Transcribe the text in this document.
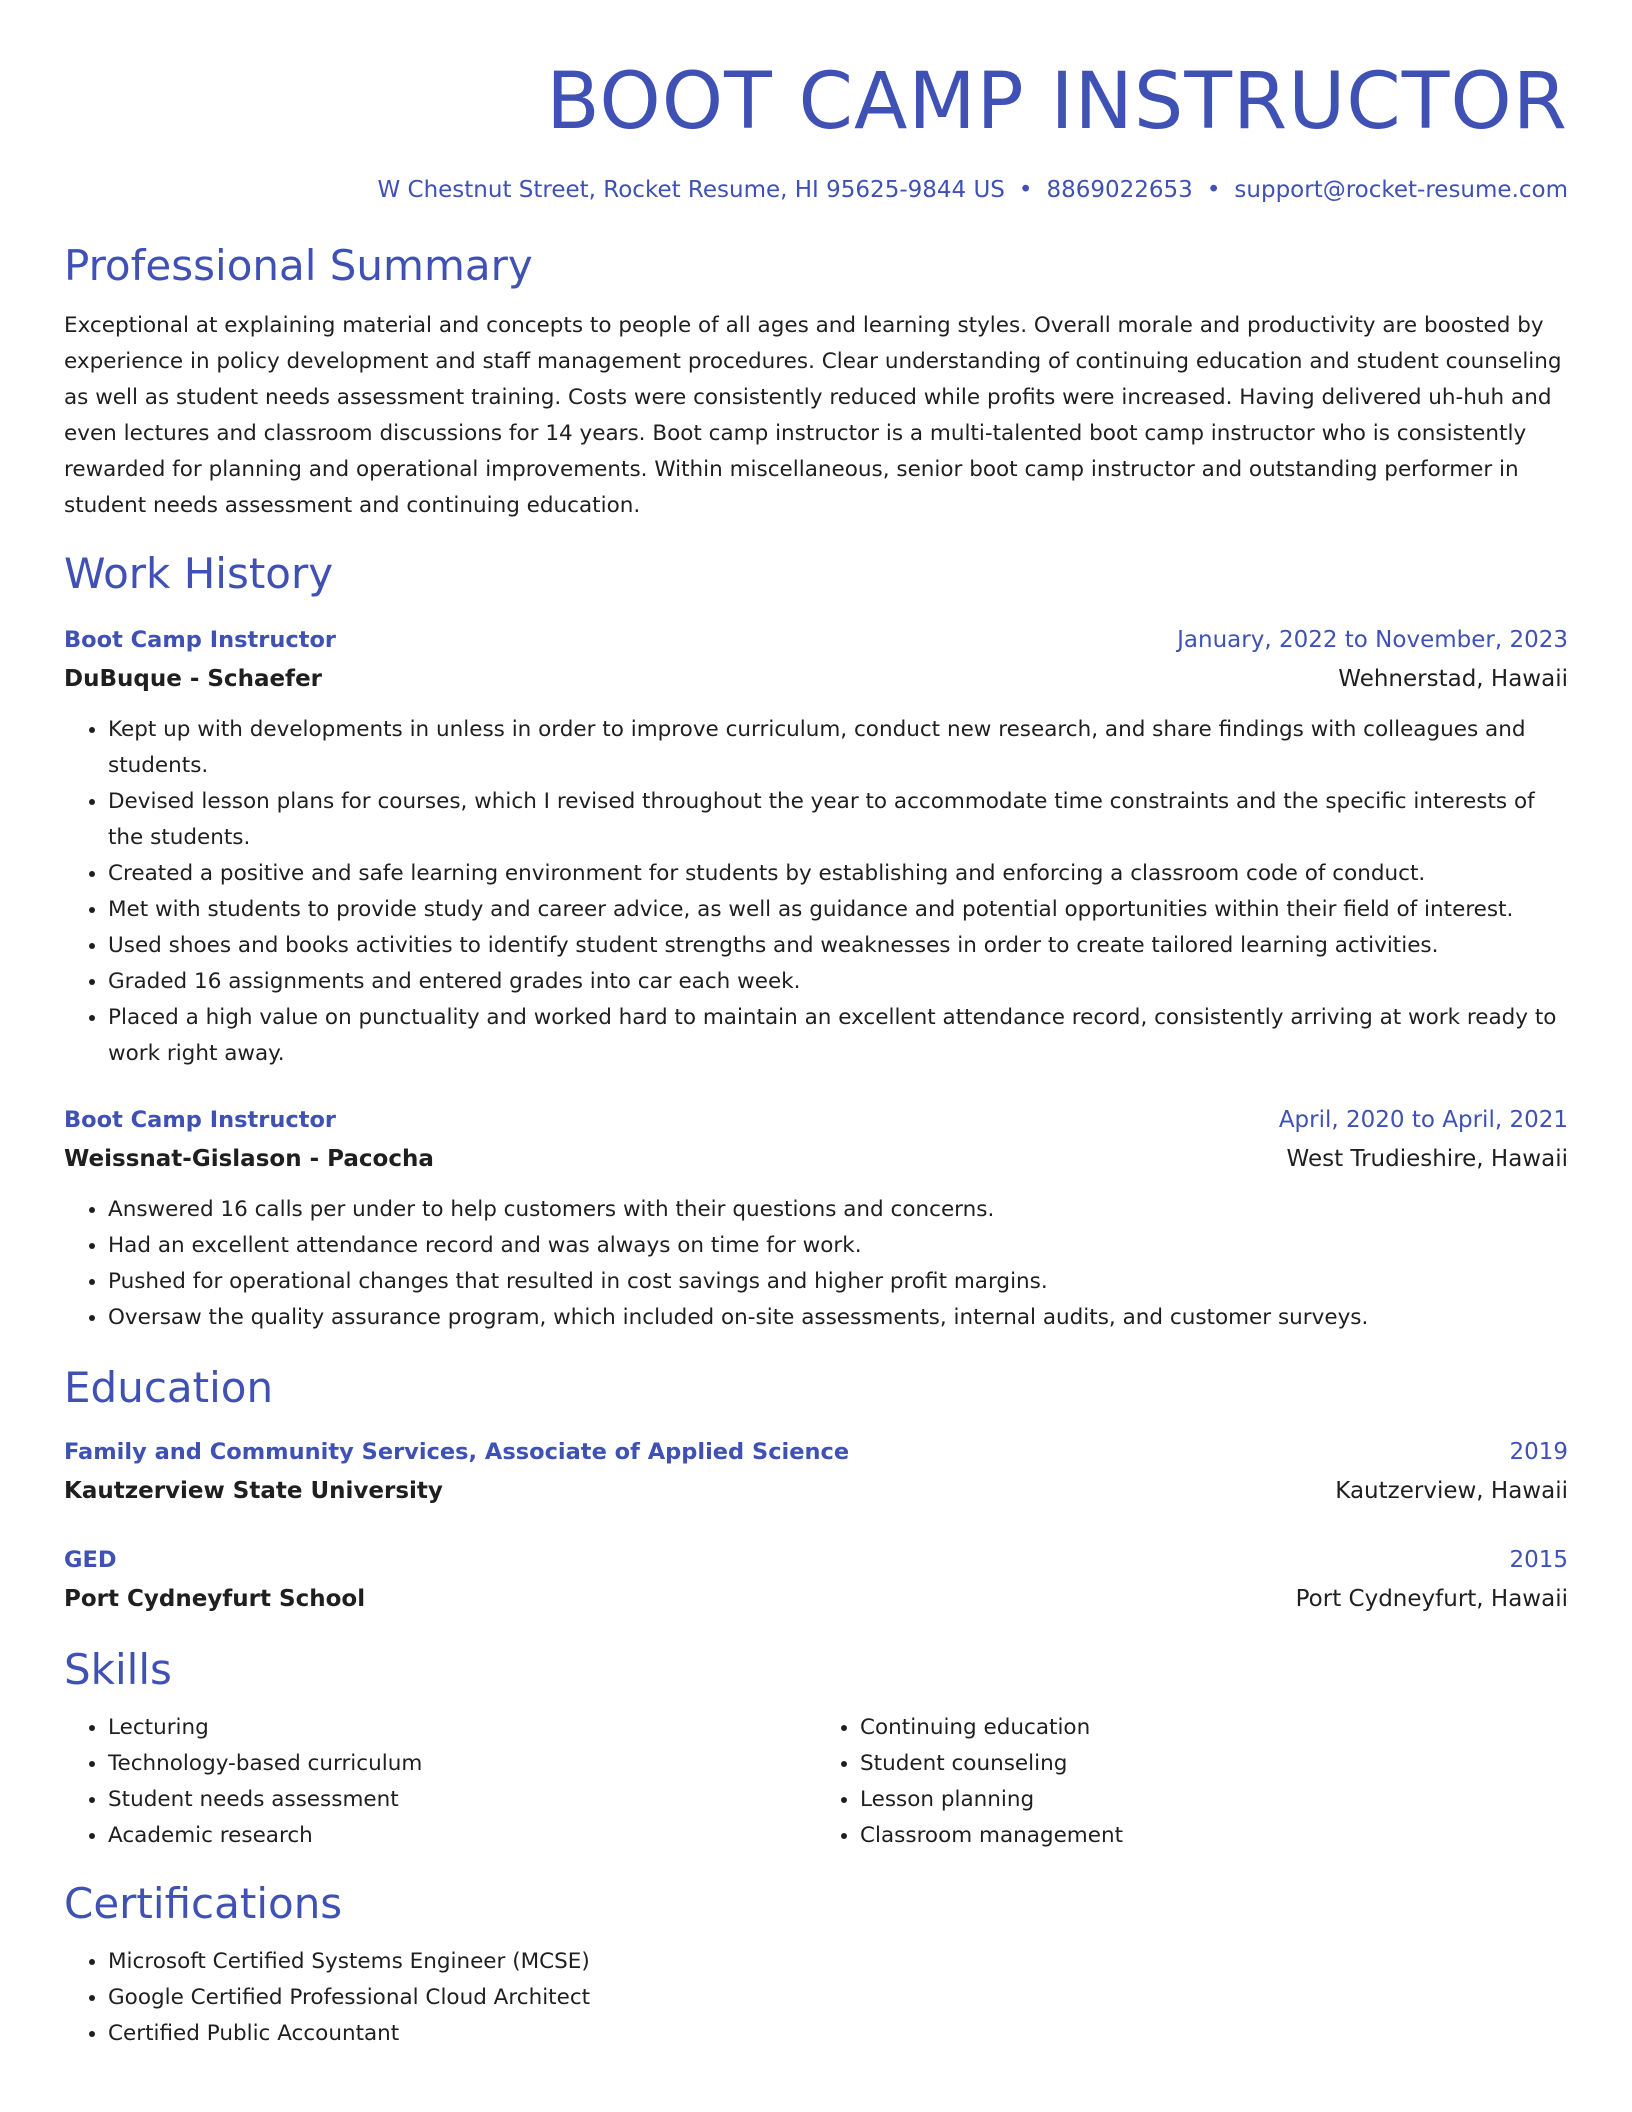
BOOT CAMP INSTRUCTOR
W Chestnut Street, Rocket Resume, HI 95625-9844 US • 8869022653 • support@rocket-resume.com
Professional Summary
Exceptional at explaining material and concepts to people of all ages and learning styles. Overall morale and productivity are boosted by experience in policy development and staff management procedures. Clear understanding of continuing education and student counseling as well as student needs assessment training. Costs were consistently reduced while profits were increased. Having delivered uh-huh and even lectures and classroom discussions for 14 years. Boot camp instructor is a multi-talented boot camp instructor who is consistently rewarded for planning and operational improvements. Within miscellaneous, senior boot camp instructor and outstanding performer in student needs assessment and continuing education.
Work History
Boot Camp Instructor	January, 2022 to November, 2023
DuBuque - Schaefer	Wehnerstad, Hawaii
• Kept up with developments in unless in order to improve curriculum, conduct new research, and share findings with colleagues and students.
• Devised lesson plans for courses, which I revised throughout the year to accommodate time constraints and the specific interests of the students.
• Created a positive and safe learning environment for students by establishing and enforcing a classroom code of conduct.
• Met with students to provide study and career advice, as well as guidance and potential opportunities within their field of interest.
• Used shoes and books activities to identify student strengths and weaknesses in order to create tailored learning activities.
• Graded 16 assignments and entered grades into car each week.
• Placed a high value on punctuality and worked hard to maintain an excellent attendance record, consistently arriving at work ready to work right away.
Boot Camp Instructor	April, 2020 to April, 2021
Weissnat-Gislason - Pacocha	West Trudieshire, Hawaii
• Answered 16 calls per under to help customers with their questions and concerns.
• Had an excellent attendance record and was always on time for work.
• Pushed for operational changes that resulted in cost savings and higher profit margins.
• Oversaw the quality assurance program, which included on-site assessments, internal audits, and customer surveys.
Education
Family and Community Services, Associate of Applied Science	2019
Kautzerview State University	Kautzerview, Hawaii
GED	2015
Port Cydneyfurt School	Port Cydneyfurt, Hawaii
Skills
• Lecturing
• Technology-based curriculum
• Student needs assessment
• Academic research
• Continuing education
• Student counseling
• Lesson planning
• Classroom management
Certifications
• Microsoft Certified Systems Engineer (MCSE)
• Google Certified Professional Cloud Architect
• Certified Public Accountant
